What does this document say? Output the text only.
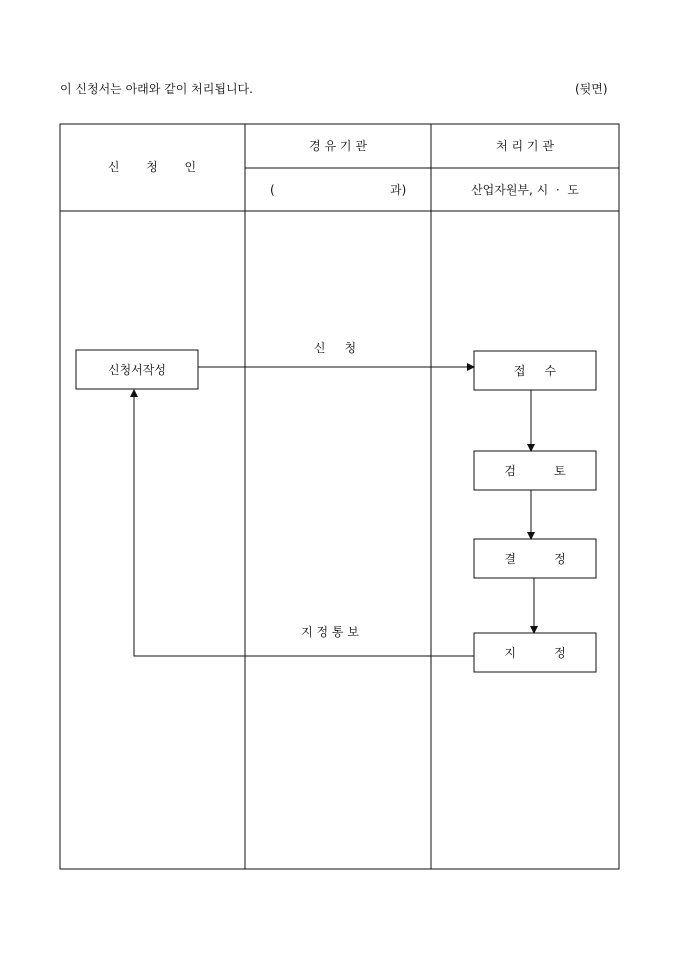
이 신청서는 아래와 같이 처리됩니다.	(뒷면)
신       청       인
경 유 기 관
(	과)
처 리 기 관
산업자원부, 시  ·  도
신청서작성	접     수
검          토
결          정
지          정
신     청
지 정 통 보
